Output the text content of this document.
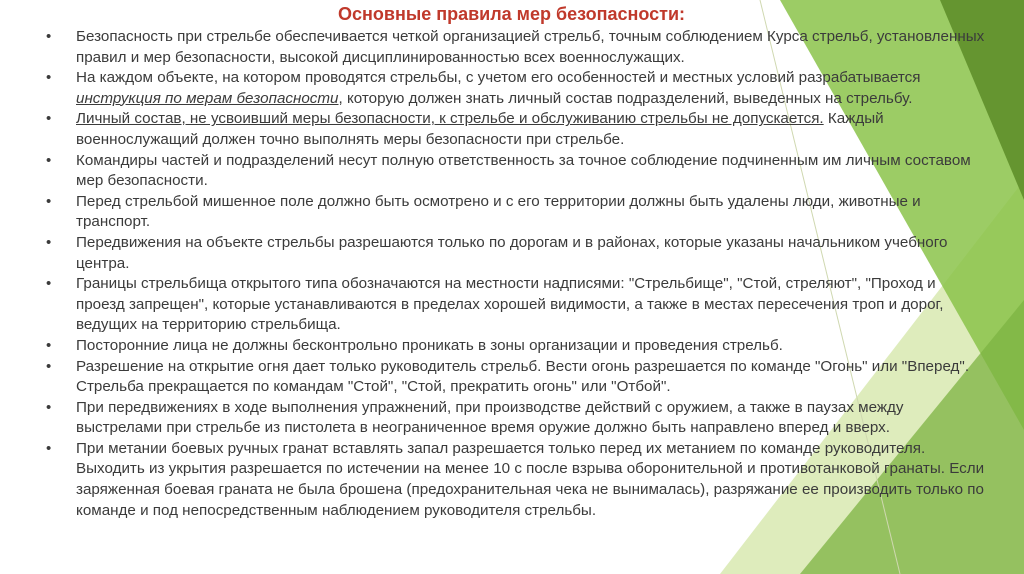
Основные правила мер безопасности:
• Безопасность при стрельбе обеспечивается четкой организацией стрельб, точным соблюдением Курса стрельб, установленных правил и мер безопасности, высокой дисциплинированностью всех военнослужащих.
• На каждом объекте, на котором проводятся стрельбы, с учетом его особенностей и местных условий разрабатывается инструкция по мерам безопасности, которую должен знать личный состав подразделений, выведенных на стрельбу.
• Личный состав, не усвоивший меры безопасности, к стрельбе и обслуживанию стрельбы не допускается. Каждый военнослужащий должен точно выполнять меры безопасности при стрельбе.
• Командиры частей и подразделений несут полную ответственность за точное соблюдение подчиненным им личным составом мер безопасности.
• Перед стрельбой мишенное поле должно быть осмотрено и с его территории должны быть удалены люди, животные и транспорт.
• Передвижения на объекте стрельбы разрешаются только по дорогам и в районах, которые указаны начальником учебного центра.
• Границы стрельбища открытого типа обозначаются на местности надписями: "Стрельбище", "Стой, стреляют", "Проход и проезд запрещен", которые устанавливаются в пределах хорошей видимости, а также в местах пересечения троп и дорог, ведущих на территорию стрельбища.
• Посторонние лица не должны бесконтрольно проникать в зоны организации и проведения стрельб.
• Разрешение на открытие огня дает только руководитель стрельб. Вести огонь разрешается по команде "Огонь" или "Вперед". Стрельба прекращается по командам "Стой", "Стой, прекратить огонь" или "Отбой".
• При передвижениях в ходе выполнения упражнений, при производстве действий с оружием, а также в паузах между выстрелами при стрельбе из пистолета в неограниченное время оружие должно быть направлено вперед и вверх.
• При метании боевых ручных гранат вставлять запал разрешается только перед их метанием по команде руководителя. Выходить из укрытия разрешается по истечении на менее 10 с после взрыва оборонительной и противотанковой гранаты. Если заряженная боевая граната не была брошена (предохранительная чека не вынималась), разряжание ее производить только по команде и под непосредственным наблюдением руководителя стрельбы.
